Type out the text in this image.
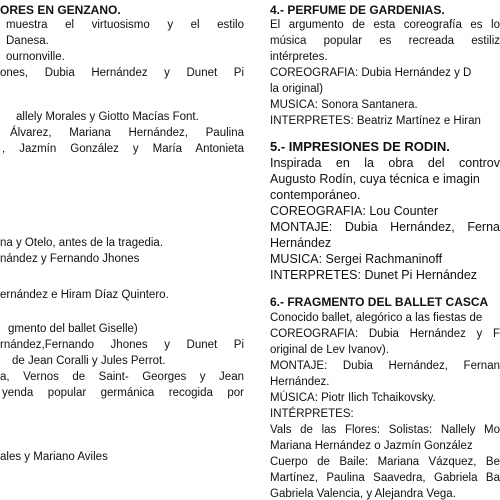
ORES EN GENZANO.

muestra el virtuosismo y el estilo

Danesa.

ournonville.

ones, Dubia Hernández y Dunet Pi

allely Morales y Giotto Macías Font.

Álvarez, Mariana Hernández, Paulina

, Jazmín González y María Antonieta

na y Otelo, antes de la tragedia.

nández y Fernando Jhones

ernández e Hiram Díaz Quintero.

gmento del ballet Giselle)

rnández,Fernando Jhones y Dunet Pi

de Jean Coralli y Jules Perrot.

a, Vernos de Saint- Georges y Jean

yenda popular germánica recogida por

ales y Mariano Aviles

4.- PERFUME DE GARDENIAS.

El argumento de esta coreografía es lo

música popular es recreada estiliz

intérpretes.

COREOGRAFIA: Dubia Hernández y D

la original)

MUSICA: Sonora Santanera.

INTERPRETES: Beatriz Martínez e Hiran

5.- IMPRESIONES DE RODIN.

Inspirada en la obra del controv

Augusto Rodín, cuya técnica e imagin

contemporáneo.

COREOGRAFIA: Lou Counter

MONTAJE: Dubia Hernández, Ferna

Hernández

MUSICA: Sergei Rachmaninoff

INTERPRETES: Dunet Pi Hernández

6.- FRAGMENTO DEL BALLET CASCA

Conocido ballet, alegórico a las fiestas de

COREOGRAFIA: Dubia Hernández y F

original de Lev Ivanov).

MONTAJE: Dubia Hernández, Fernan

Hernández.

MÚSICA: Piotr Ilich Tchaikovsky.

INTÉRPRETES:

Vals de las Flores: Solistas: Nallely Mo

Mariana Hernández o Jazmín González

Cuerpo de Baile: Mariana Vázquez, Be

Martínez, Paulina Saavedra, Gabriela Ba

Gabriela Valencia, y Alejandra Vega.
